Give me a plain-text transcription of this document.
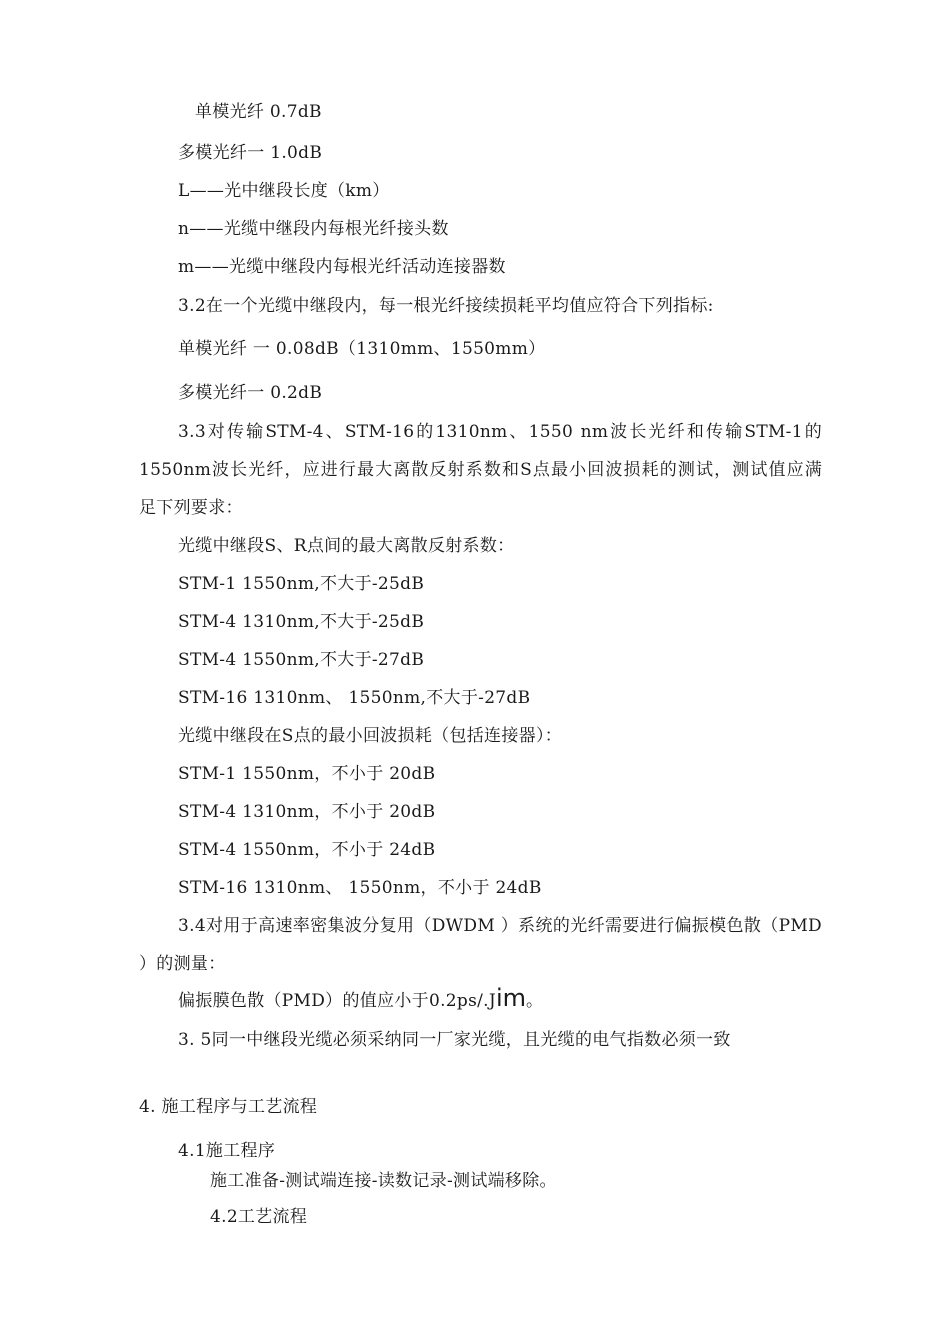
单模光纤 0.7dB
多模光纤一 1.0dB
L——光中继段长度（km）
n——光缆中继段内每根光纤接头数
m——光缆中继段内每根光纤活动连接器数
3.2在一个光缆中继段内，每一根光纤接续损耗平均值应符合下列指标:
单模光纤 一 0.08dB（1310mm、1550mm）
多模光纤一 0.2dB
3.3对传输STM-4、STM-16的1310nm、1550 nm波长光纤和传输STM-1的
1550nm波长光纤，应进行最大离散反射系数和S点最小回波损耗的测试，测试值应满
足下列要求：
光缆中继段S、R点间的最大离散反射系数：
STM-1 1550nm,不大于-25dB
STM-4 1310nm,不大于-25dB
STM-4 1550nm,不大于-27dB
STM-16 1310nm、 1550nm,不大于-27dB
光缆中继段在S点的最小回波损耗（包括连接器）：
STM-1 1550nm，不小于 20dB
STM-4 1310nm，不小于 20dB
STM-4 1550nm，不小于 24dB
STM-16 1310nm、 1550nm，不小于 24dB
3.4对用于高速率密集波分复用（DWDM ）系统的光纤需要进行偏振模色散（PMD
）的测量：
偏振膜色散（PMD）的值应小于0.2ps/.Jim。
3. 5同一中继段光缆必须采纳同一厂家光缆，且光缆的电气指数必须一致
4. 施工程序与工艺流程
4.1施工程序
施工准备-测试端连接-读数记录-测试端移除。
4.2工艺流程
